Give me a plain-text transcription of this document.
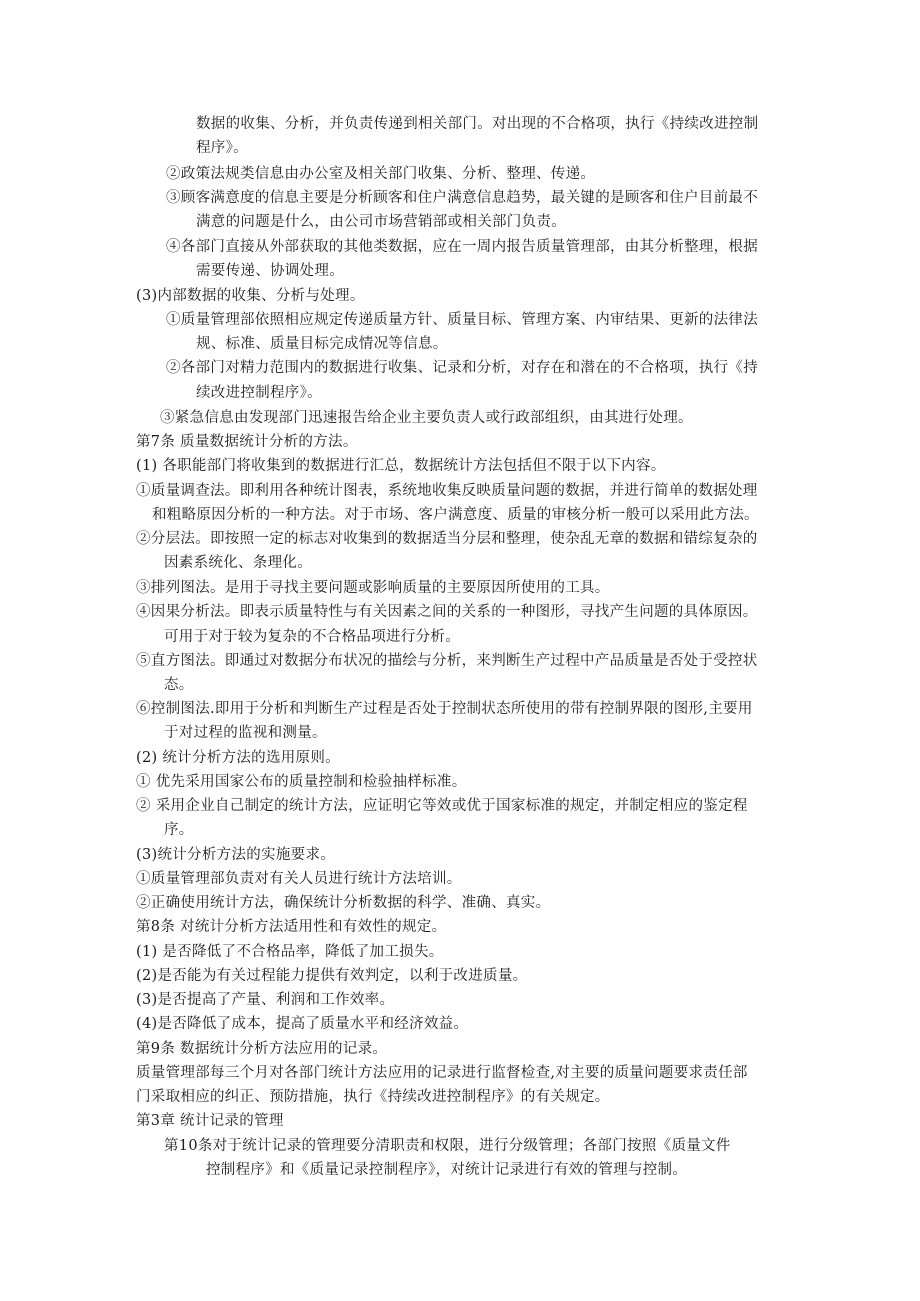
数据的收集、分析，并负责传递到相关部门。对出现的不合格项，执行《持续改进控制
程序》。
②政策法规类信息由办公室及相关部门收集、分析、整理、传递。
③顾客满意度的信息主要是分析顾客和住户满意信息趋势，最关键的是顾客和住户目前最不
满意的问题是什么，由公司市场营销部或相关部门负责。
④各部门直接从外部获取的其他类数据，应在一周内报告质量管理部，由其分析整理，根据
需要传递、协调处理。
(3)内部数据的收集、分析与处理。
①质量管理部依照相应规定传递质量方针、质量目标、管理方案、内审结果、更新的法律法
规、标准、质量目标完成情况等信息。
②各部门对精力范围内的数据进行收集、记录和分析，对存在和潜在的不合格项，执行《持
续改进控制程序》。
③紧急信息由发现部门迅速报告给企业主要负责人或行政部组织，由其进行处理。
第7条 质量数据统计分析的方法。
(1) 各职能部门将收集到的数据进行汇总，数据统计方法包括但不限于以下内容。
①质量调查法。即利用各种统计图表，系统地收集反映质量问题的数据，并进行简单的数据处理
和粗略原因分析的一种方法。对于市场、客户满意度、质量的审核分析一般可以采用此方法。
②分层法。即按照一定的标志对收集到的数据适当分层和整理，使杂乱无章的数据和错综复杂的
因素系统化、条理化。
③排列图法。是用于寻找主要问题或影响质量的主要原因所使用的工具。
④因果分析法。即表示质量特性与有关因素之间的关系的一种图形，寻找产生问题的具体原因。
可用于对于较为复杂的不合格品项进行分析。
⑤直方图法。即通过对数据分布状况的描绘与分析，来判断生产过程中产品质量是否处于受控状
态。
⑥控制图法.即用于分析和判断生产过程是否处于控制状态所使用的带有控制界限的图形,主要用
于对过程的监视和测量。
(2) 统计分析方法的选用原则。
① 优先采用国家公布的质量控制和检验抽样标准。
② 采用企业自己制定的统计方法，应证明它等效或优于国家标准的规定，并制定相应的鉴定程
序。
(3)统计分析方法的实施要求。
①质量管理部负责对有关人员进行统计方法培训。
②正确使用统计方法，确保统计分析数据的科学、准确、真实。
第8条 对统计分析方法适用性和有效性的规定。
(1) 是否降低了不合格品率，降低了加工损失。
(2)是否能为有关过程能力提供有效判定，以利于改进质量。
(3)是否提高了产量、利润和工作效率。
(4)是否降低了成本，提高了质量水平和经济效益。
第9条 数据统计分析方法应用的记录。
质量管理部每三个月对各部门统计方法应用的记录进行监督检查,对主要的质量问题要求责任部
门采取相应的纠正、预防措施，执行《持续改进控制程序》的有关规定。
第3章 统计记录的管理
第10条对于统计记录的管理要分清职责和权限，进行分级管理；各部门按照《质量文件
控制程序》和《质量记录控制程序》，对统计记录进行有效的管理与控制。
